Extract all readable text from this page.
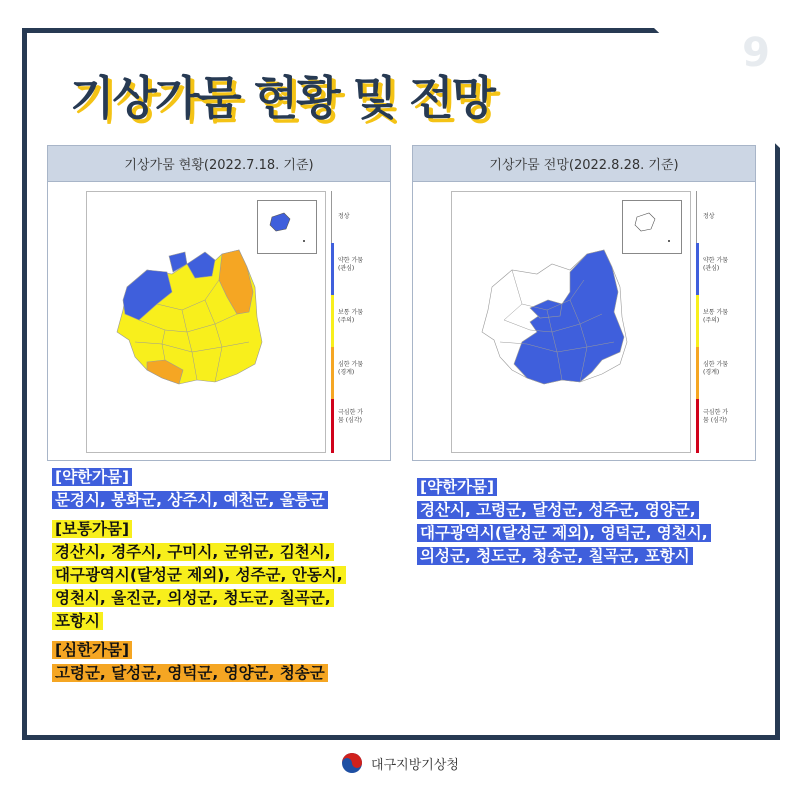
9
기상가뭄 현황 및 전망
기상가뭄 현황(2022.7.18. 기준)
정상
약한 가뭄 (관심)
보통 가뭄 (주의)
심한 가뭄 (경계)
극심한 가뭄 (심각)
기상가뭄 전망(2022.8.28. 기준)
정상
약한 가뭄 (관심)
보통 가뭄 (주의)
심한 가뭄 (경계)
극심한 가뭄 (심각)
[약한가뭄]
문경시, 봉화군, 상주시, 예천군, 울릉군
[보통가뭄]
경산시, 경주시, 구미시, 군위군, 김천시,
대구광역시(달성군 제외), 성주군, 안동시,
영천시, 울진군, 의성군, 청도군, 칠곡군,
포항시
[심한가뭄]
고령군, 달성군, 영덕군, 영양군, 청송군
[약한가뭄]
경산시, 고령군, 달성군, 성주군, 영양군,
대구광역시(달성군 제외), 영덕군, 영천시,
의성군, 청도군, 청송군, 칠곡군, 포항시
대구지방기상청
